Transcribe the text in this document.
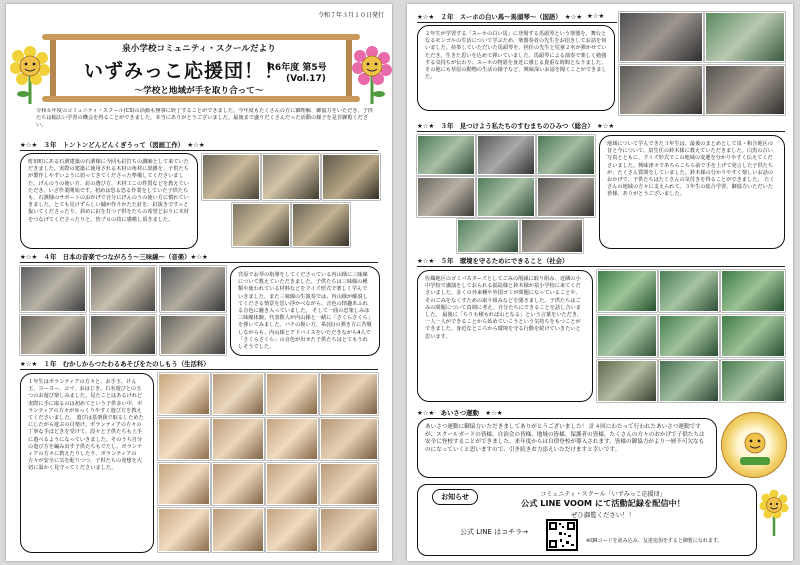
令和７年３月１０日発行
泉小学校コミュニティ・スクールだより
いずみっこ応援団！！
R6年度 第5号
(Vol.17)
～学校と地域が手を取り合って～
令和６年度のコミュニティ・スクール(CS)の活動も無事に終了することができました。今年度もたくさんの方に御理解、御協力をいただき、子供たちは幅広い学習の機会を得ることができました。本当にありがとうございました。最後まで盛りだくさんだった活動の様子を是非御覧ください。
★☆★　３年　トントンどんどんくぎうって（図画工作）　★☆★
町田町にある石濱建築の石濱様に今回も釘打ちの講師として来ていただきました。実際の建築に使用される木材の角材に誤雑を、子供たちが製作しやすいように切ってきてくださった準備してくださいました。げんのうの使い方、釘の選び方、木材工この性質などを教えていただき、いざ作業開始です。初めは恐る恐る作業をしていた子供たちも、石濱様のサポートのおかげで自分にげんのうの使い方に慣れていきました。とても見けずらしい舗が作りかたた釘を、釘抜きですっと抜いてくださったり、斜めに釘を打つ子供をたちの希望どおりに木材をつなげてくださったりと、皆プロの技に感嘆し頂きました。
★☆★　４年　日本の音楽でつながろう～三味線～（音楽）★☆★
宮原でお琴の指導をしてくださっている内山様に三味線について教えていただきました。子供たちは三味線の種類や使われている材料などをクイズ形式で楽しく学んでいきました。また三味線の生演奏では、内山様が解説してくださる情景を思い浮かべながら、音色の情趣あふれる音色に魅き入っていました。 そして一曲の忠楽しみは三味線体験。代表数人が内山様と一緒に「さくらさくら」を弾いてみました。バチの扱い方、糸(弦)の弾き方に苦戦しながらも、内山様とアドバイスをいただきながら4人で「さくらさくら」の音色が出せた子供たちはとてもうれしそうでした。
★☆★　１年　むかしからつたわるあそびをたのしもう（生活科）
１年生はボランティアの方々と、お手玉、けん玉、ヨーヨー、コマ、おはじき、石名遊びとの五つのお遊び楽しみました。見たことはあるけれど実際に手に取るのは初めてという子供多い中、ボランティアの方々がゆっくりやすく遊び方を教えてくださいました。 遊びは基楽我で取るしためたにしたがら遊ぶの目楽け。ボランティアの方々の丁寧な手ほどきを受けて、段々と子供たちも上手に遊べるようになっていきました。そのうち自分の遊び方を編み出す子供たちもでたし、ボランティアの方々に教えたりしたり、ボランティアの方々が安全に気を配りつつ、子供たちの発想を大切に温かく見守ってくださいました。
★☆★　２年　スーホの白い馬～馬頭琴～（国語）　★☆★ ★☆★
２年生が学習する「スーホの白い馬」に登場する馬頭琴という楽器を、舞台となるモンゴルの生活について学ぶため、楽器奏者の先生をお招きしてお話を伺いました。持参していただいた馬頭琴を、担任の先生と児童２名が弾かせていただき、生きた思いを込めて弾いていました。馬頭琴による演奏で楽しく勉強する気持ちが伝わり、スーホの物語を身近に感じる貴重な時間となりました。その他にも草原の動物の生活の様子など、興味深いお話を聞くことができました。
★☆★　３年　見つけよう私たちのすむまちのひみつ（総合）　★☆★
地域について学んできた３年生は、最後のまとめとして泉・和合地区の昔と今について、泉生住の鈴木様に教えていただきました。白黒の古い写真とともに、クイズ形式でこの地域の変遷を分かりやすく伝えてくださいました。興味津々であちらこちら前で手を上げて発言した子供たちが、たくさん質問をしていました。鈴木様の分かりやすく楽しいお話のおかげで、子供たちはたくさんの気付きを得ることができました。 たくさんの地域の方々に支えられて、３年生の総合学習、御協力いただいた皆様、ありがとうございました。
★☆★　５年　環境を守るためにできること（社会）
佐織地区のゴミバスターズとしてごみの削減に取り組み、近隣の小中学校で講演をしておられる福島様と鈴木様が泉小学校に来てくださいました。多くの外来種や外国ゴミが問題になっていることや、そのごみをなくすための取り組みなどを聞きました。子供たちはごみの問題について真剣に考え、自分たちにできることを話し合いました。 最後に「ちりも積もれば山となる」という言葉をいただき、一人一人ができることから始めていこうという気持ちをもつことができました。身近なところから環境を守る行動を続けていきたいと思います。
★☆★　あいさつ運動　★☆★
あいさつ運動に御協力いただきましてありがとうございました！ 計４回にわたって行われたあいさつ運動ですが、スクールガードの皆様、自治会の皆様、地域の皆様、保護者の皆様、たくさんの方々のおかげで子供たちは安全に登校することができました。来年度からは自律登校が導入されます。皆様の御協力がより一層不可欠なものになっていくと思いますので、引き続きお力添えいただけますと幸いです。
お知らせ	コミュニティ・スクール「いずみっこ応援団」
公式 LINE VOOM にて活動記録を配信中！
ぜひ御覧ください！！
公式 LINE はコチラ→
※QRコードを読み込み、友達追加をすると御覧になれます。
